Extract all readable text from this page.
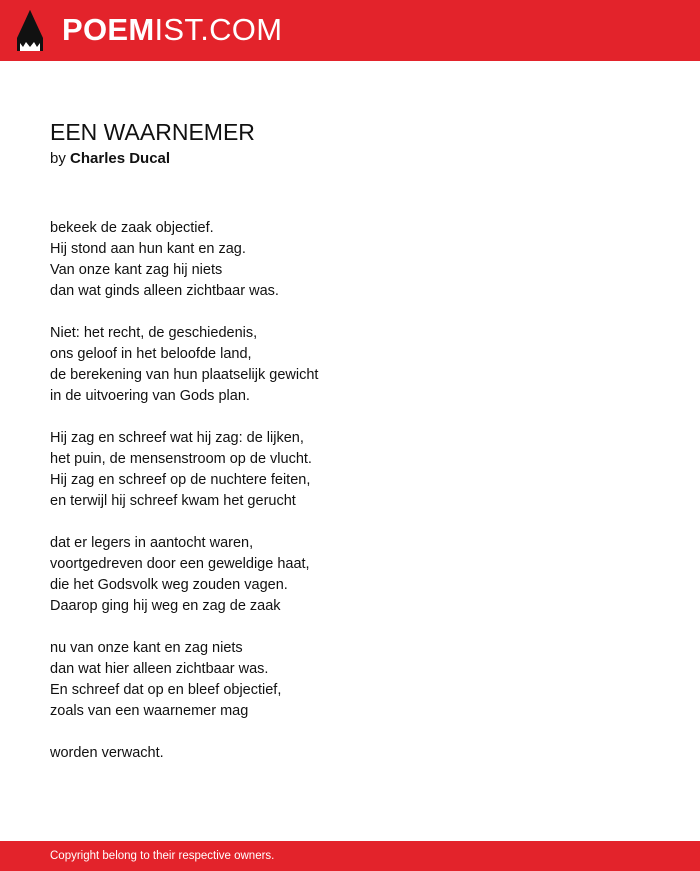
POEMIST.COM
EEN WAARNEMER
by Charles Ducal
bekeek de zaak objectief.
Hij stond aan hun kant en zag.
Van onze kant zag hij niets
dan wat ginds alleen zichtbaar was.
Niet: het recht, de geschiedenis,
ons geloof in het beloofde land,
de berekening van hun plaatselijk gewicht
in de uitvoering van Gods plan.
Hij zag en schreef wat hij zag: de lijken,
het puin, de mensenstroom op de vlucht.
Hij zag en schreef op de nuchtere feiten,
en terwijl hij schreef kwam het gerucht
dat er legers in aantocht waren,
voortgedreven door een geweldige haat,
die het Godsvolk weg zouden vagen.
Daarop ging hij weg en zag de zaak
nu van onze kant en zag niets
dan wat hier alleen zichtbaar was.
En schreef dat op en bleef objectief,
zoals van een waarnemer mag
worden verwacht.
Copyright belong to their respective owners.
